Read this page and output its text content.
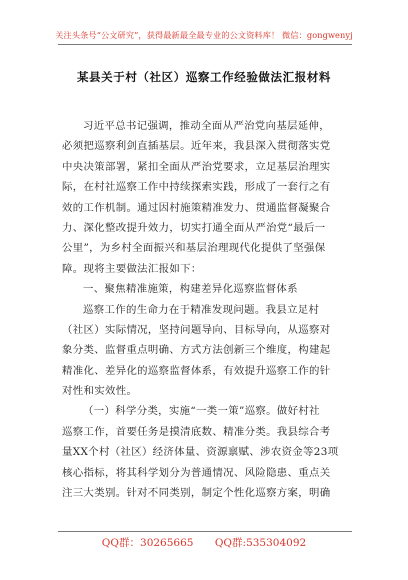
关注头条号“公文研究”，获得最新最全最专业的公文资料库！ 微信：gongwenyj
某县关于村（社区）巡察工作经验做法汇报材料
习近平总书记强调，推动全面从严治党向基层延伸，
必须把巡察利剑直插基层。近年来，我县深入贯彻落实党
中央决策部署，紧扣全面从严治党要求，立足基层治理实
际，在村社巡察工作中持续探索实践，形成了一套行之有
效的工作机制。通过因村施策精准发力、贯通监督凝聚合
力、深化整改提升效力，切实打通全面从严治党“最后一
公里”，为乡村全面振兴和基层治理现代化提供了坚强保
障。现将主要做法汇报如下：
一、聚焦精准施策，构建差异化巡察监督体系
巡察工作的生命力在于精准发现问题。我县立足村
（社区）实际情况，坚持问题导向、目标导向，从巡察对
象分类、监督重点明确、方式方法创新三个维度，构建起
精准化、差异化的巡察监督体系，有效提升巡察工作的针
对性和实效性。
（一）科学分类，实施“一类一策”巡察。做好村社
巡察工作，首要任务是摸清底数、精准分类。我县综合考
量XX个村（社区）经济体量、资源禀赋、涉农资金等23项
核心指标，将其科学划分为普通情况、风险隐患、重点关
注三大类别。针对不同类别，制定个性化巡察方案，明确
QQ群：30265665 QQ群:535304092
